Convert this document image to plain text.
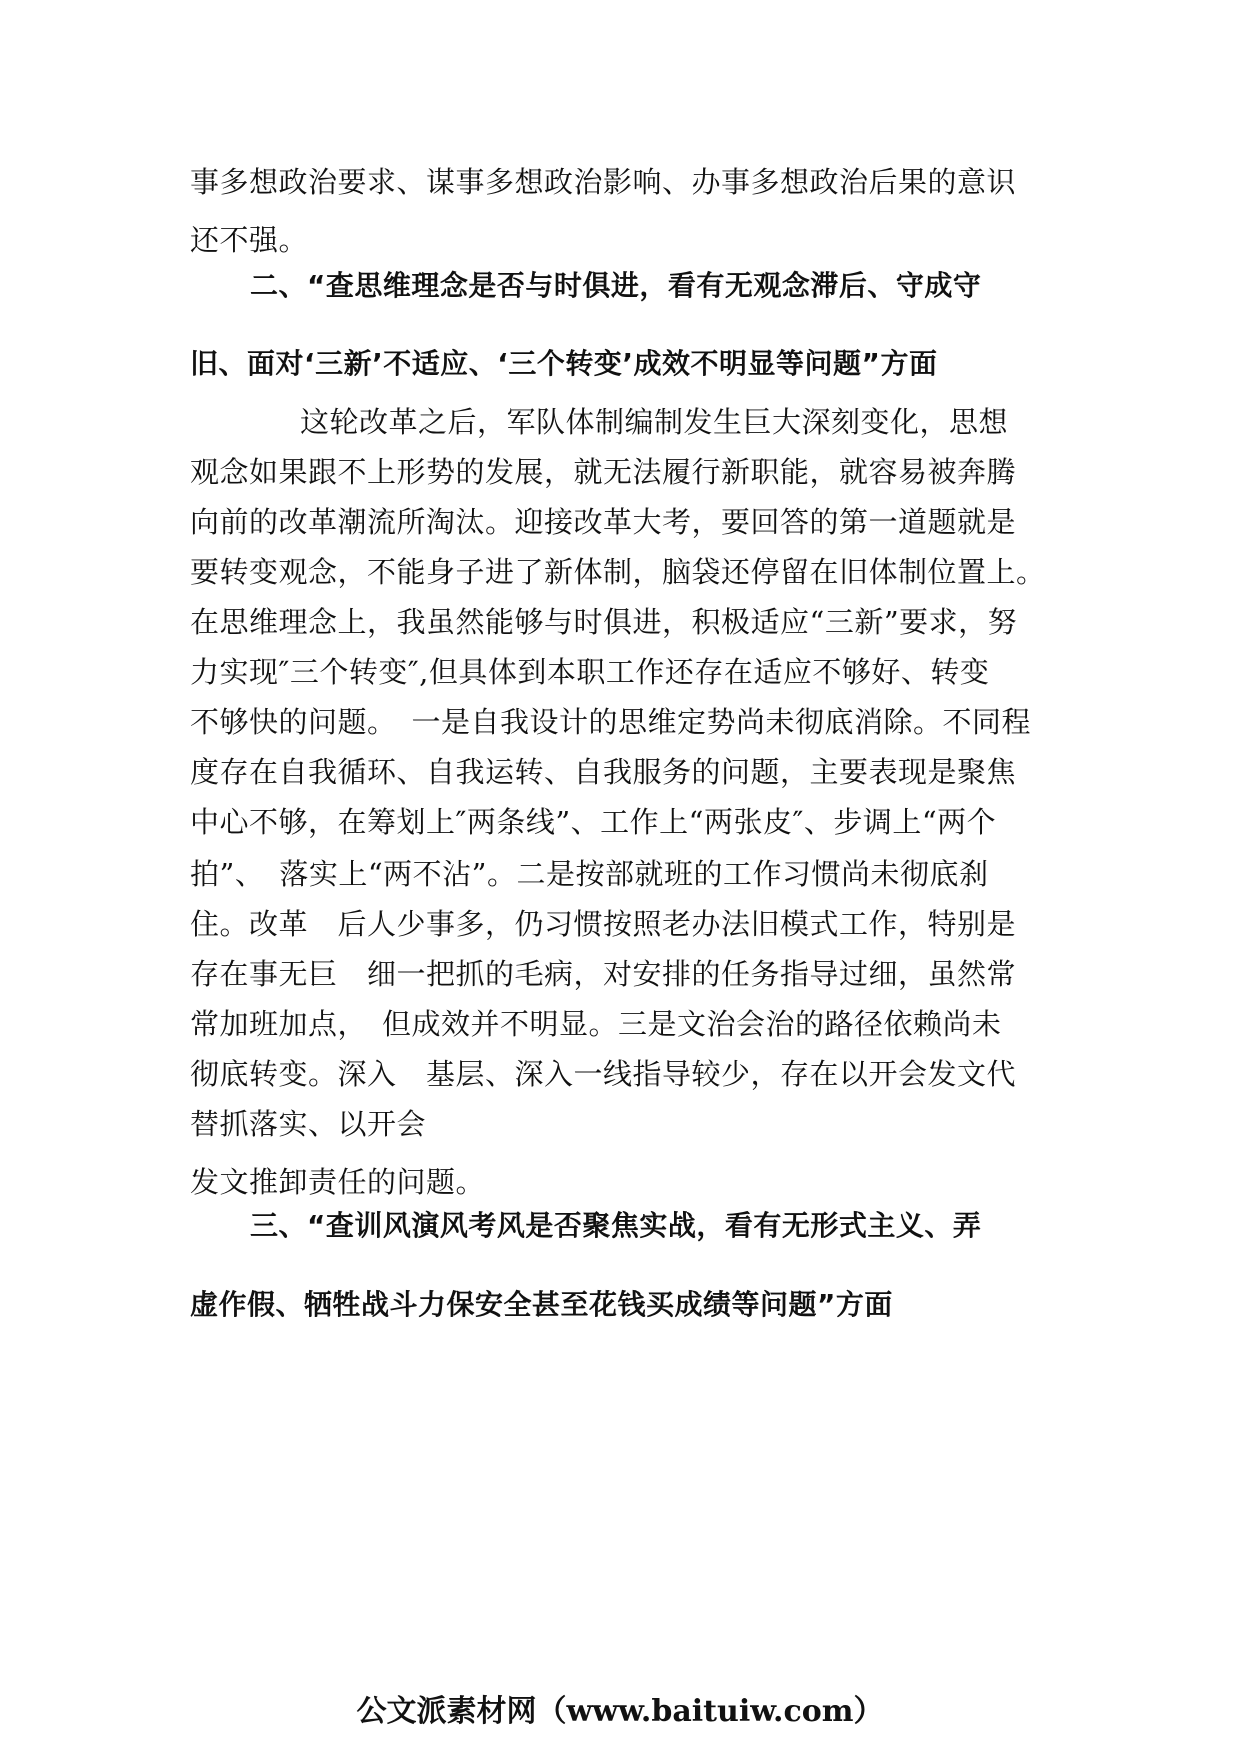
事多想政治要求、谋事多想政治影响、办事多想政治后果的意识
还不强。
二、“查思维理念是否与时俱进，看有无观念滞后、守成守
旧、面对‘三新’不适应、‘三个转变’成效不明显等问题”方面
这轮改革之后，军队体制编制发生巨大深刻变化，思想
观念如果跟不上形势的发展，就无法履行新职能，就容易被奔腾
向前的改革潮流所淘汰。迎接改革大考，要回答的第一道题就是
要转变观念，不能身子进了新体制，脑袋还停留在旧体制位置上。
在思维理念上，我虽然能够与时俱进，积极适应“三新”要求，努
力实现″三个转变″,但具体到本职工作还存在适应不够好、转变
不够快的问题。　一是自我设计的思维定势尚未彻底消除。不同程
度存在自我循环、自我运转、自我服务的问题，主要表现是聚焦
中心不够，在筹划上″两条线”、工作上“两张皮″、步调上“两个
拍”、　落实上“两不沾”。二是按部就班的工作习惯尚未彻底刹
住。改革　后人少事多，仍习惯按照老办法旧模式工作，特别是
存在事无巨　细一把抓的毛病，对安排的任务指导过细，虽然常
常加班加点，　但成效并不明显。三是文治会治的路径依赖尚未
彻底转变。深入　基层、深入一线指导较少，存在以开会发文代
替抓落实、以开会
发文推卸责任的问题。
三、“查训风演风考风是否聚焦实战，看有无形式主义、弄
虚作假、牺牲战斗力保安全甚至花钱买成绩等问题”方面
公文派素材网（www.baituiw.com）
